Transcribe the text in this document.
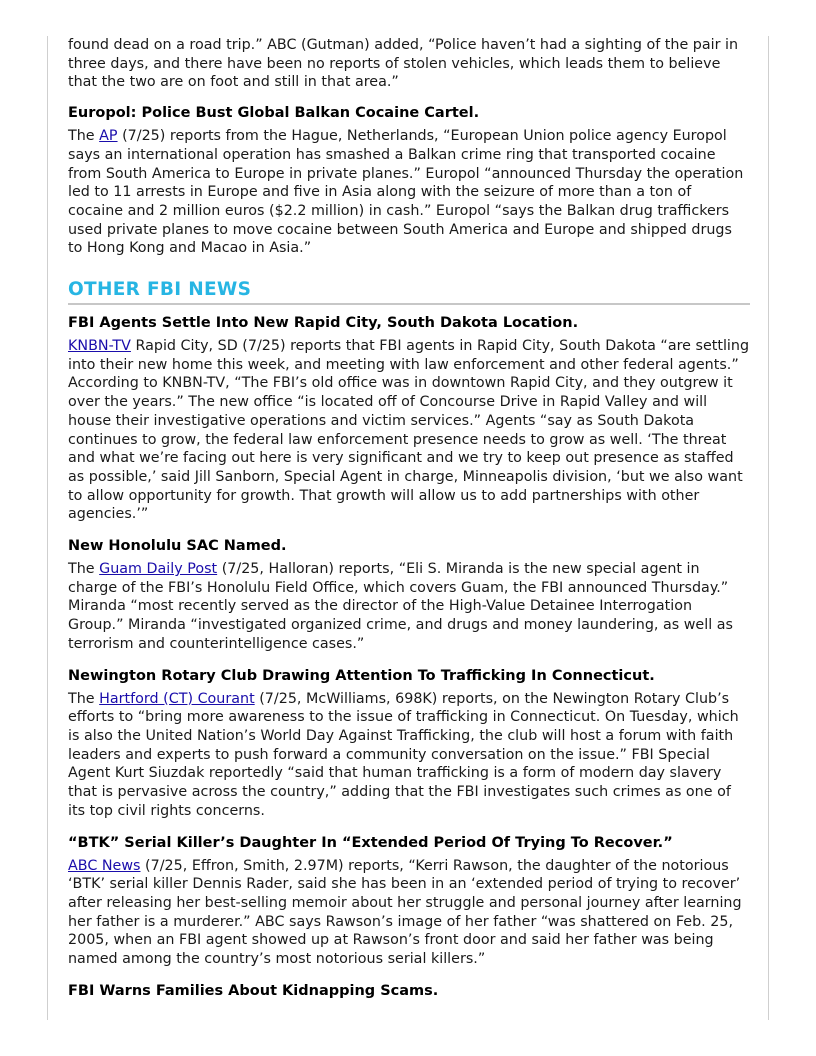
found dead on a road trip.” ABC (Gutman) added, “Police haven’t had a sighting of the pair in three days, and there have been no reports of stolen vehicles, which leads them to believe that the two are on foot and still in that area.”

Europol: Police Bust Global Balkan Cocaine Cartel.

The AP (7/25) reports from the Hague, Netherlands, “European Union police agency Europol says an international operation has smashed a Balkan crime ring that transported cocaine from South America to Europe in private planes.” Europol “announced Thursday the operation led to 11 arrests in Europe and five in Asia along with the seizure of more than a ton of cocaine and 2 million euros ($2.2 million) in cash.” Europol “says the Balkan drug traffickers used private planes to move cocaine between South America and Europe and shipped drugs to Hong Kong and Macao in Asia.”

OTHER FBI NEWS
FBI Agents Settle Into New Rapid City, South Dakota Location.

KNBN-TV Rapid City, SD (7/25) reports that FBI agents in Rapid City, South Dakota “are settling into their new home this week, and meeting with law enforcement and other federal agents.” According to KNBN-TV, “The FBI’s old office was in downtown Rapid City, and they outgrew it over the years.” The new office “is located off of Concourse Drive in Rapid Valley and will house their investigative operations and victim services.” Agents “say as South Dakota continues to grow, the federal law enforcement presence needs to grow as well. ‘The threat and what we’re facing out here is very significant and we try to keep out presence as staffed as possible,’ said Jill Sanborn, Special Agent in charge, Minneapolis division, ‘but we also want to allow opportunity for growth. That growth will allow us to add partnerships with other agencies.’”

New Honolulu SAC Named.

The Guam Daily Post (7/25, Halloran) reports, “Eli S. Miranda is the new special agent in charge of the FBI’s Honolulu Field Office, which covers Guam, the FBI announced Thursday.” Miranda “most recently served as the director of the High-Value Detainee Interrogation Group.” Miranda “investigated organized crime, and drugs and money laundering, as well as terrorism and counterintelligence cases.”

Newington Rotary Club Drawing Attention To Trafficking In Connecticut.

The Hartford (CT) Courant (7/25, McWilliams, 698K) reports, on the Newington Rotary Club’s efforts to “bring more awareness to the issue of trafficking in Connecticut. On Tuesday, which is also the United Nation’s World Day Against Trafficking, the club will host a forum with faith leaders and experts to push forward a community conversation on the issue.” FBI Special Agent Kurt Siuzdak reportedly “said that human trafficking is a form of modern day slavery that is pervasive across the country,” adding that the FBI investigates such crimes as one of its top civil rights concerns.

“BTK” Serial Killer’s Daughter In “Extended Period Of Trying To Recover.”

ABC News (7/25, Effron, Smith, 2.97M) reports, “Kerri Rawson, the daughter of the notorious ‘BTK’ serial killer Dennis Rader, said she has been in an ‘extended period of trying to recover’ after releasing her best-selling memoir about her struggle and personal journey after learning her father is a murderer.” ABC says Rawson’s image of her father “was shattered on Feb. 25, 2005, when an FBI agent showed up at Rawson’s front door and said her father was being named among the country’s most notorious serial killers.”

FBI Warns Families About Kidnapping Scams.
